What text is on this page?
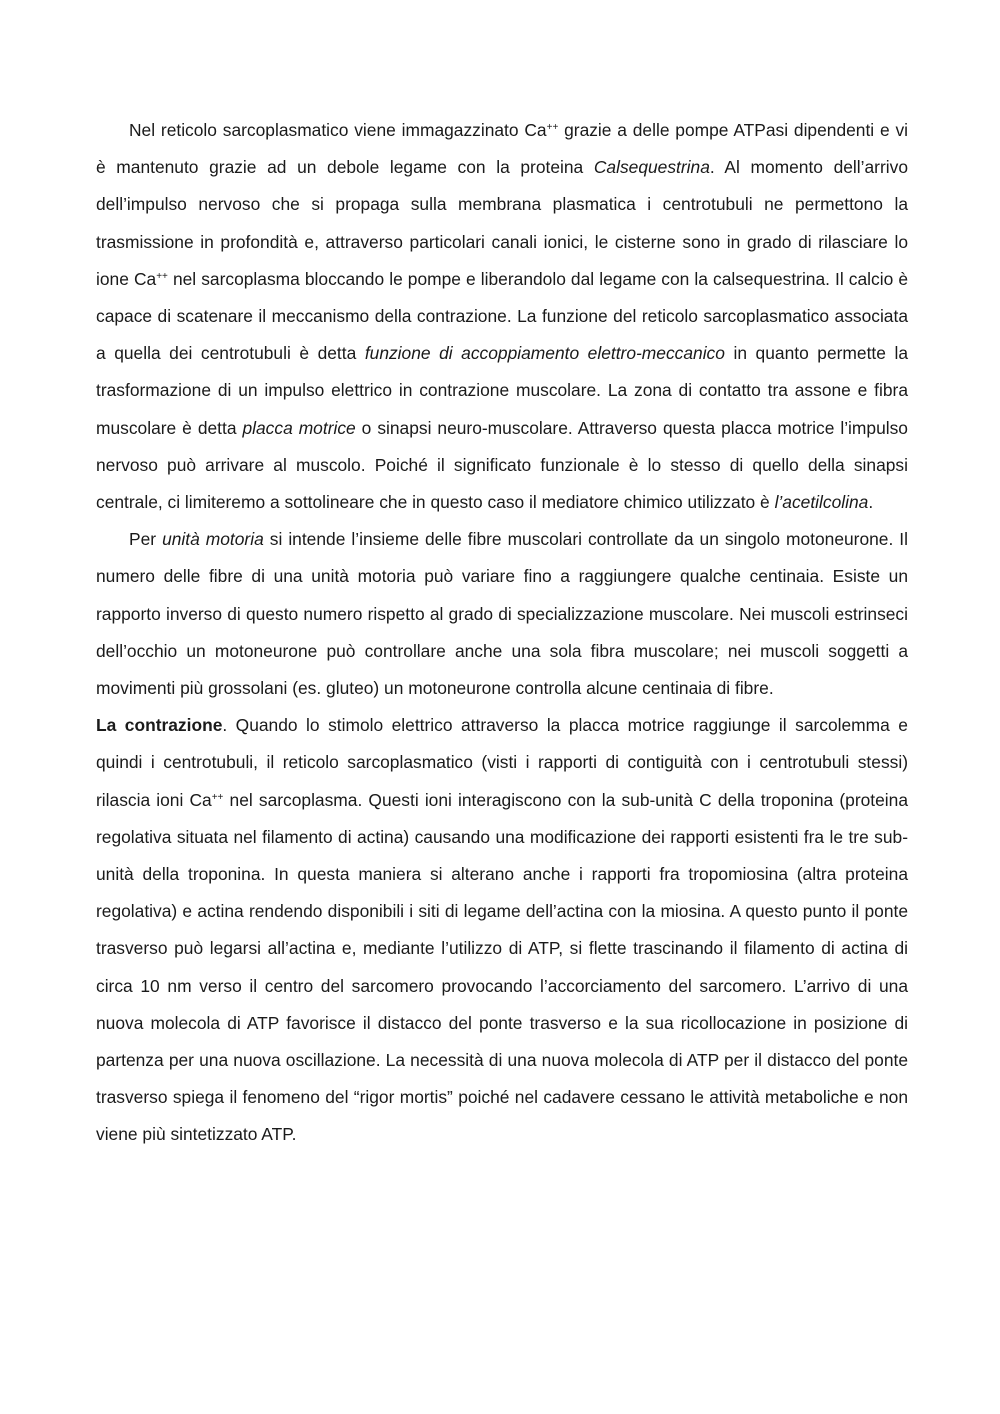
Nel reticolo sarcoplasmatico viene immagazzinato Ca++ grazie a delle pompe ATPasi dipendenti e vi è mantenuto grazie ad un debole legame con la proteina Calsequestrina. Al momento dell’arrivo dell’impulso nervoso che si propaga sulla membrana plasmatica i centrotubuli ne permettono la trasmissione in profondità e, attraverso particolari canali ionici, le cisterne sono in grado di rilasciare lo ione Ca++ nel sarcoplasma bloccando le pompe e liberandolo dal legame con la calsequestrina. Il calcio è capace di scatenare il meccanismo della contrazione. La funzione del reticolo sarcoplasmatico associata a quella dei centrotubuli è detta funzione di accoppiamento elettro-meccanico in quanto permette la trasformazione di un impulso elettrico in contrazione muscolare. La zona di contatto tra assone e fibra muscolare è detta placca motrice o sinapsi neuro-muscolare. Attraverso questa placca motrice l’impulso nervoso può arrivare al muscolo. Poiché il significato funzionale è lo stesso di quello della sinapsi centrale, ci limiteremo a sottolineare che in questo caso il mediatore chimico utilizzato è l’acetilcolina.

Per unità motoria si intende l’insieme delle fibre muscolari controllate da un singolo motoneurone. Il numero delle fibre di una unità motoria può variare fino a raggiungere qualche centinaia. Esiste un rapporto inverso di questo numero rispetto al grado di specializzazione muscolare. Nei muscoli estrinseci dell’occhio un motoneurone può controllare anche una sola fibra muscolare; nei muscoli soggetti a movimenti più grossolani (es. gluteo) un motoneurone controlla alcune centinaia di fibre.

La contrazione. Quando lo stimolo elettrico attraverso la placca motrice raggiunge il sarcolemma e quindi i centrotubuli, il reticolo sarcoplasmatico (visti i rapporti di contiguità con i centrotubuli stessi) rilascia ioni Ca++ nel sarcoplasma. Questi ioni interagiscono con la sub-unità C della troponina (proteina regolativa situata nel filamento di actina) causando una modificazione dei rapporti esistenti fra le tre sub-unità della troponina. In questa maniera si alterano anche i rapporti fra tropomiosina (altra proteina regolativa) e actina rendendo disponibili i siti di legame dell’actina con la miosina. A questo punto il ponte trasverso può legarsi all’actina e, mediante l’utilizzo di ATP, si flette trascinando il filamento di actina di circa 10 nm verso il centro del sarcomero provocando l’accorciamento del sarcomero. L’arrivo di una nuova molecola di ATP favorisce il distacco del ponte trasverso e la sua ricollocazione in posizione di partenza per una nuova oscillazione. La necessità di una nuova molecola di ATP per il distacco del ponte trasverso spiega il fenomeno del “rigor mortis” poiché nel cadavere cessano le attività metaboliche e non viene più sintetizzato ATP.
